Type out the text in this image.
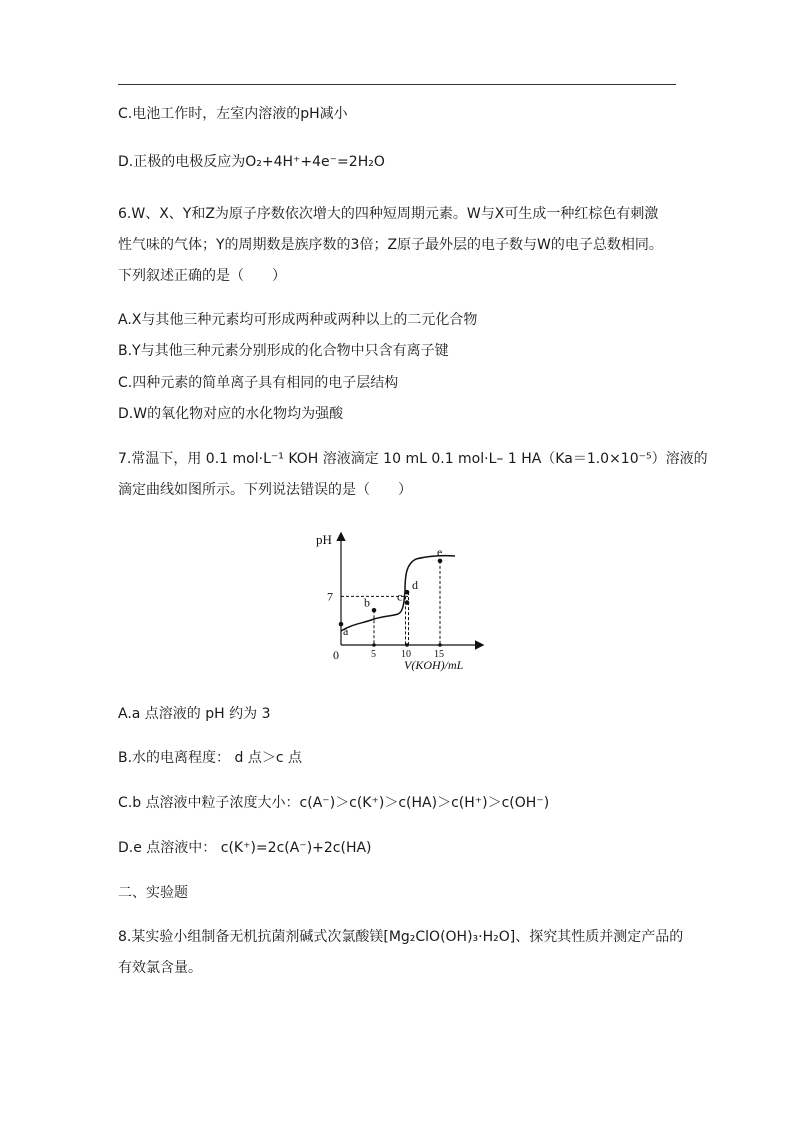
C.电池工作时，左室内溶液的pH减小
D.正极的电极反应为O₂+4H⁺+4e⁻=2H₂O
6.W、X、Y和Z为原子序数依次增大的四种短周期元素。W与X可生成一种红棕色有刺激
性气味的气体；Y的周期数是族序数的3倍；Z原子最外层的电子数与W的电子总数相同。
下列叙述正确的是（　　）
A.X与其他三种元素均可形成两种或两种以上的二元化合物
B.Y与其他三种元素分别形成的化合物中只含有离子键
C.四种元素的简单离子具有相同的电子层结构
D.W的氧化物对应的水化物均为强酸
7.常温下，用 0.1 mol·L⁻¹ KOH 溶液滴定 10 mL 0.1 mol·L– 1 HA（Ka＝1.0×10⁻⁵）溶液的
滴定曲线如图所示。下列说法错误的是（　　）
a
b c
d
e
5	10 15
7
pH
V(KOH)/mL
0
A.a 点溶液的 pH 约为 3
B.水的电离程度： d 点＞c 点
C.b 点溶液中粒子浓度大小：c(A⁻)＞c(K⁺)＞c(HA)＞c(H⁺)＞c(OH⁻)
D.e 点溶液中： c(K⁺)=2c(A⁻)+2c(HA)
二、实验题
8.某实验小组制备无机抗菌剂碱式次氯酸镁[Mg₂ClO(OH)₃·H₂O]、探究其性质并测定产品的
有效氯含量。
